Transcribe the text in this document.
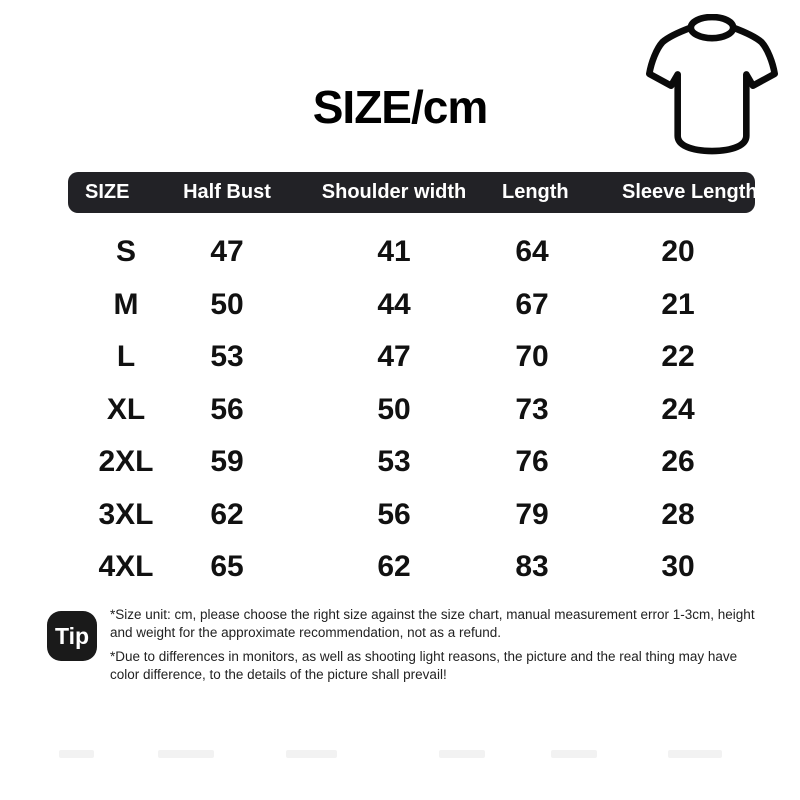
SIZE/cm
SIZE	Half Bust	Shoulder width	Length	Sleeve Length
S	47	41	64	20
M	50	44	67	21
L	53	47	70	22
XL	56	50	73	24
2XL	59	53	76	26
3XL	62	56	79	28
4XL	65	62	83	30
Tip

*Size unit: cm, please choose the right size against the size chart, manual measurement error 1-3cm, height and weight for the approximate recommendation, not as a refund.

*Due to differences in monitors, as well as shooting light reasons, the picture and the real thing may have color difference, to the details of the picture shall prevail!
